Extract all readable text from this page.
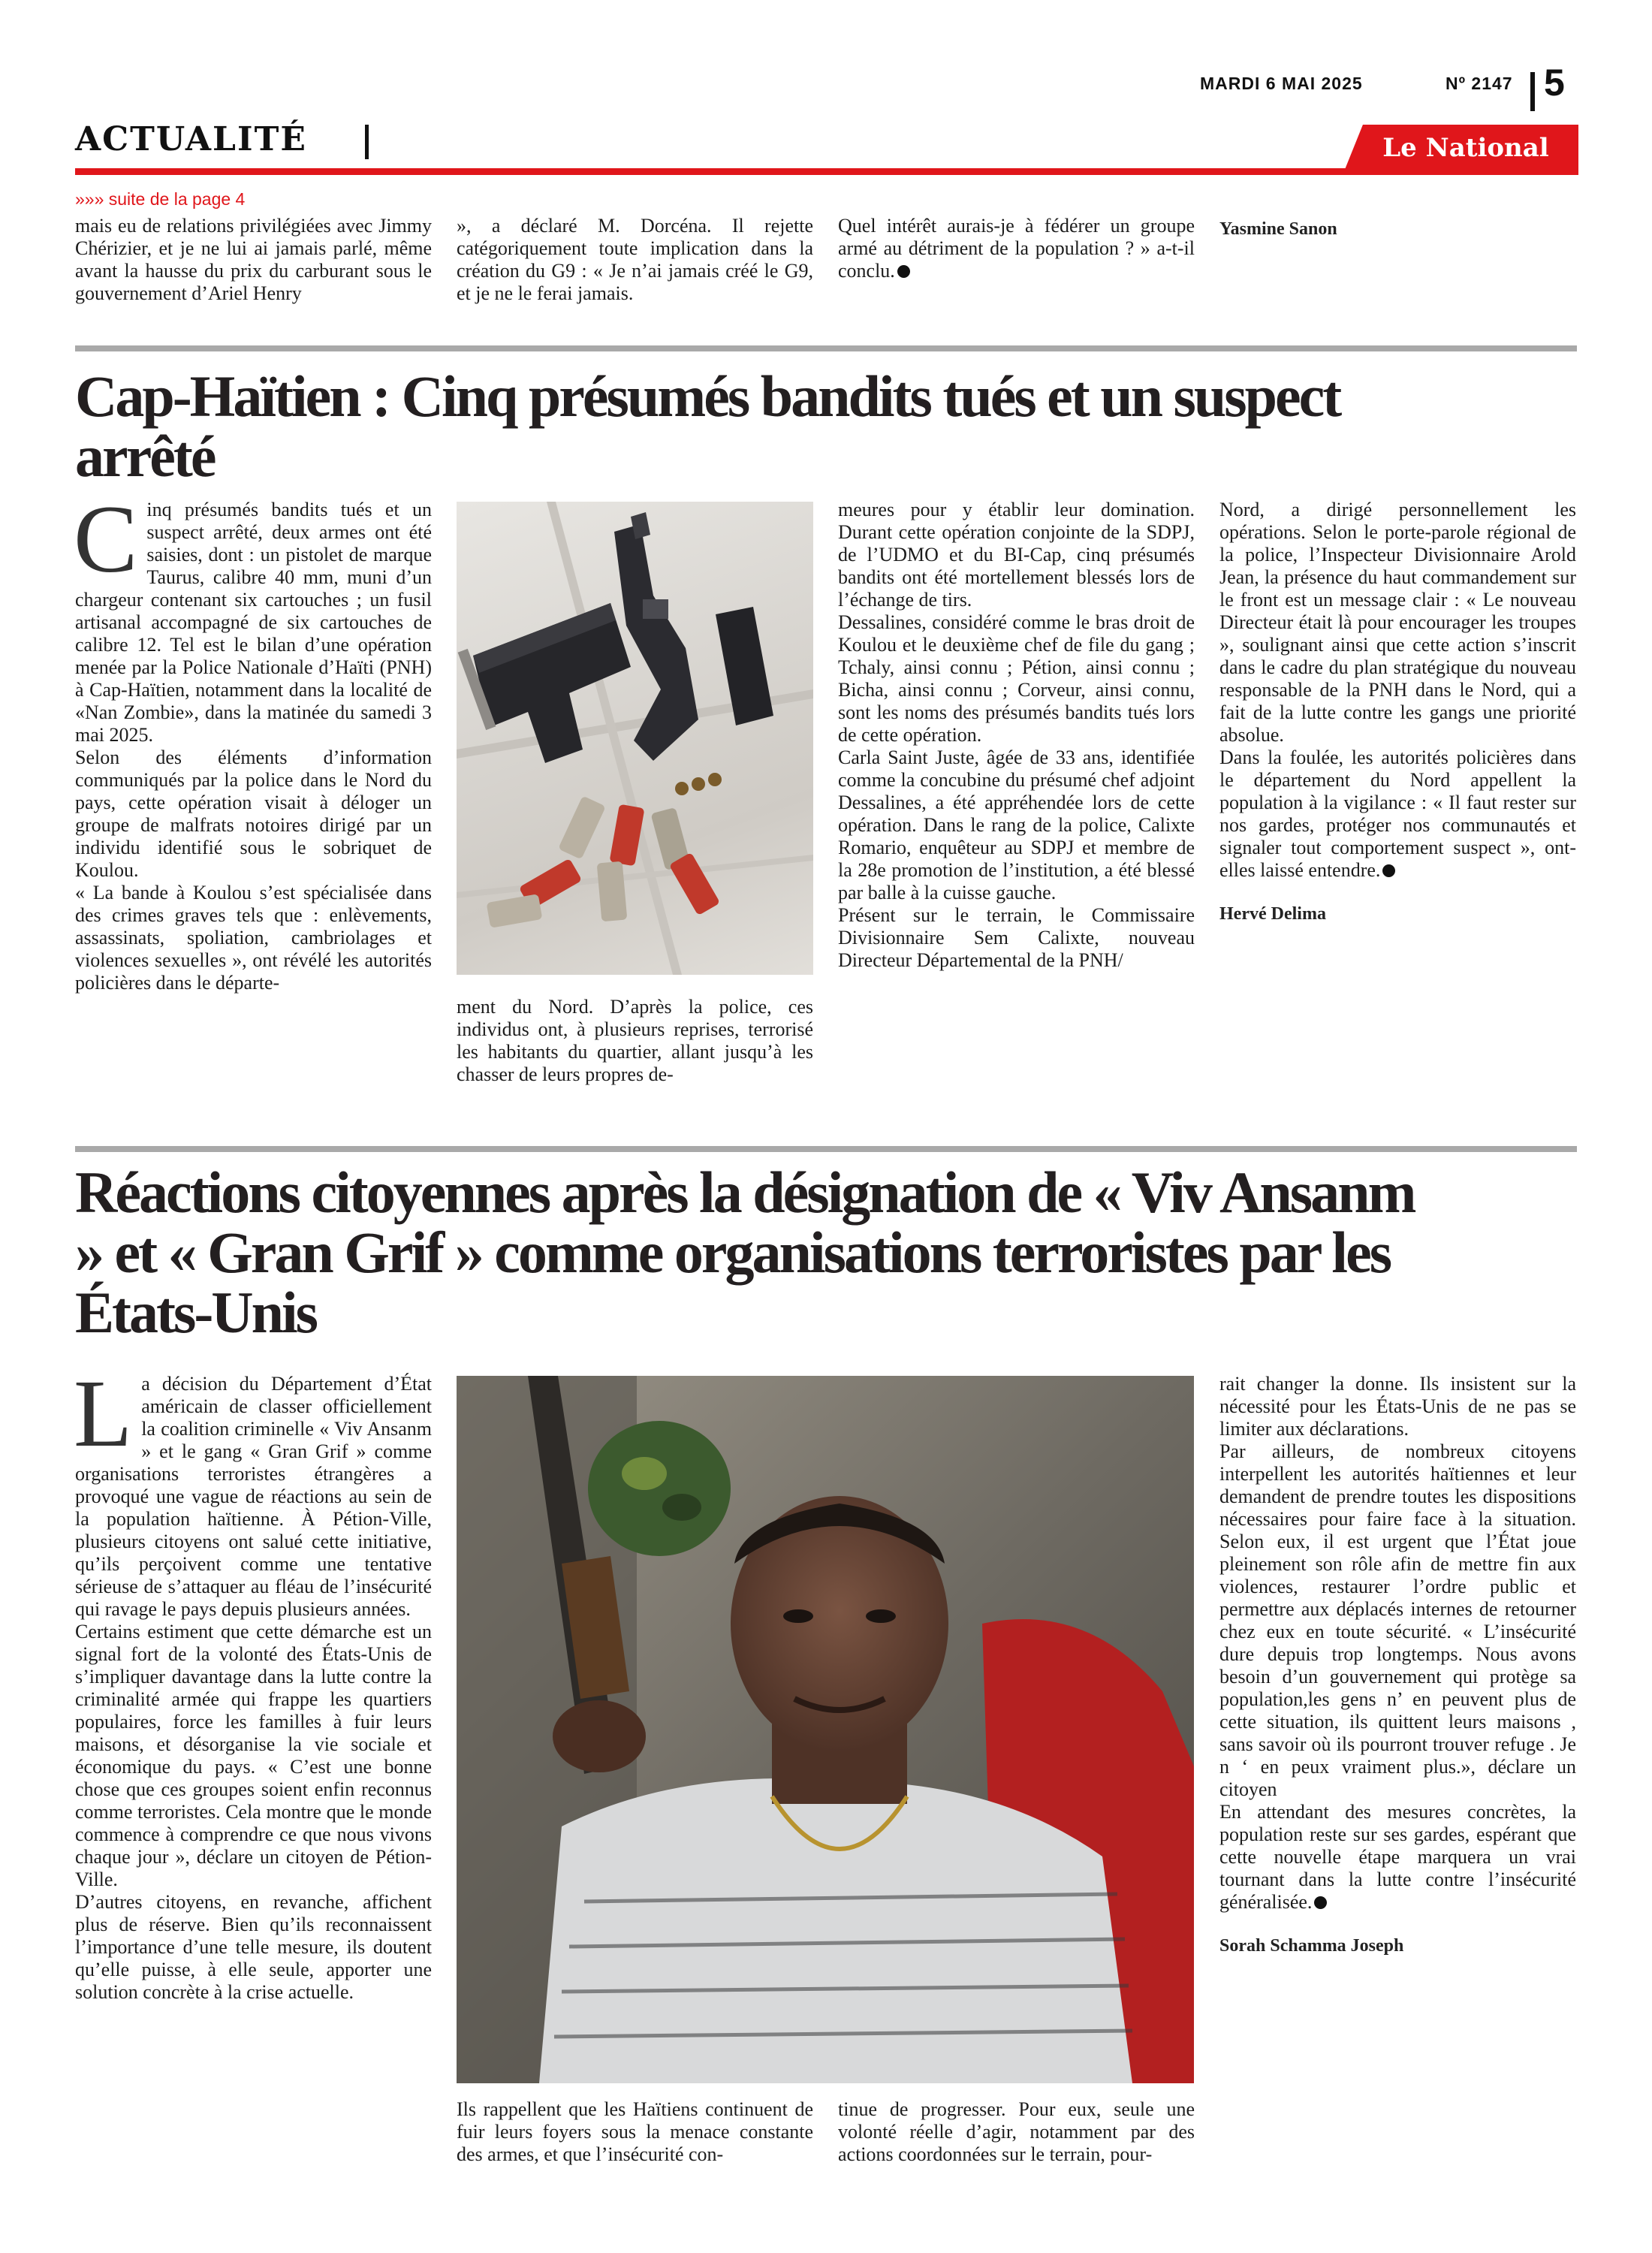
MARDI 6 MAI 2025	Nº 2147 5
ACTUALITÉ	Le National
»»» suite de la page 4

mais eu de relations privilégiées avec Jimmy Chérizier, et je ne lui ai jamais parlé, même avant la hausse du prix du carburant sous le gouvernement d’Ariel Henry

», a déclaré M. Dorcéna. Il rejette catégoriquement toute implication dans la création du G9 : « Je n’ai jamais créé le G9, et je ne le ferai jamais.

Quel intérêt aurais-je à fédérer un groupe armé au détriment de la population ? » a-t-il conclu.

Yasmine Sanon
Cap-Haïtien : Cinq présumés bandits tués et un suspect
arrêté

Cinq présumés bandits tués et un suspect arrêté, deux armes ont été saisies, dont : un pistolet de marque Taurus, calibre 40 mm, muni d’un chargeur contenant six cartouches ; un fusil artisanal accompagné de six cartouches de calibre 12. Tel est le bilan d’une opération menée par la Police Nationale d’Haïti (PNH) à Cap-Haïtien, notamment dans la localité de «Nan Zombie», dans la matinée du samedi 3 mai 2025.

Selon des éléments d’information communiqués par la police dans le Nord du pays, cette opération visait à déloger un groupe de malfrats notoires dirigé par un individu identifié sous le sobriquet de Koulou.

« La bande à Koulou s’est spécialisée dans des crimes graves tels que : enlèvements, assassinats, spoliation, cambriolages et violences sexuelles », ont révélé les autorités policières dans le départe-

ment du Nord. D’après la police, ces individus ont, à plusieurs reprises, terrorisé les habitants du quartier, allant jusqu’à les chasser de leurs propres de-

meures pour y établir leur domination. Durant cette opération conjointe de la SDPJ, de l’UDMO et du BI-Cap, cinq présumés bandits ont été mortellement blessés lors de l’échange de tirs.

Dessalines, considéré comme le bras droit de Koulou et le deuxième chef de file du gang ; Tchaly, ainsi connu ; Pétion, ainsi connu ; Bicha, ainsi connu ; Corveur, ainsi connu, sont les noms des présumés bandits tués lors de cette opération.

Carla Saint Juste, âgée de 33 ans, identifiée comme la concubine du présumé chef adjoint Dessalines, a été appréhendée lors de cette opération. Dans le rang de la police, Calixte Romario, enquêteur au SDPJ et membre de la 28e promotion de l’institution, a été blessé par balle à la cuisse gauche.

Présent sur le terrain, le Commissaire Divisionnaire Sem Calixte, nouveau Directeur Départemental de la PNH/

Nord, a dirigé personnellement les opérations. Selon le porte-parole régional de la police, l’Inspecteur Divisionnaire Arold Jean, la présence du haut commandement sur le front est un message clair : « Le nouveau Directeur était là pour encourager les troupes », soulignant ainsi que cette action s’inscrit dans le cadre du plan stratégique du nouveau responsable de la PNH dans le Nord, qui a fait de la lutte contre les gangs une priorité absolue.

Dans la foulée, les autorités policières dans le département du Nord appellent la population à la vigilance : « Il faut rester sur nos gardes, protéger nos communautés et signaler tout comportement suspect », ont-elles laissé entendre.

Hervé Delima
Réactions citoyennes après la désignation de « Viv Ansanm
» et « Gran Grif » comme organisations terroristes par les
États-Unis

La décision du Département d’État américain de classer officiellement la coalition criminelle « Viv Ansanm » et le gang « Gran Grif » comme organisations terroristes étrangères a provoqué une vague de réactions au sein de la population haïtienne. À Pétion-Ville, plusieurs citoyens ont salué cette initiative, qu’ils perçoivent comme une tentative sérieuse de s’attaquer au fléau de l’insécurité qui ravage le pays depuis plusieurs années.

Certains estiment que cette démarche est un signal fort de la volonté des États-Unis de s’impliquer davantage dans la lutte contre la criminalité armée qui frappe les quartiers populaires, force les familles à fuir leurs maisons, et désorganise la vie sociale et économique du pays. « C’est une bonne chose que ces groupes soient enfin reconnus comme terroristes. Cela montre que le monde commence à comprendre ce que nous vivons chaque jour », déclare un citoyen de Pétion-Ville.

D’autres citoyens, en revanche, affichent plus de réserve. Bien qu’ils reconnaissent l’importance d’une telle mesure, ils doutent qu’elle puisse, à elle seule, apporter une solution concrète à la crise actuelle.

Ils rappellent que les Haïtiens continuent de fuir leurs foyers sous la menace constante des armes, et que l’insécurité con-

tinue de progresser. Pour eux, seule une volonté réelle d’agir, notamment par des actions coordonnées sur le terrain, pour-

rait changer la donne. Ils insistent sur la nécessité pour les États-Unis de ne pas se limiter aux déclarations.

Par ailleurs, de nombreux citoyens interpellent les autorités haïtiennes et leur demandent de prendre toutes les dispositions nécessaires pour faire face à la situation. Selon eux, il est urgent que l’État joue pleinement son rôle afin de mettre fin aux violences, restaurer l’ordre public et permettre aux déplacés internes de retourner chez eux en toute sécurité. « L’insécurité dure depuis trop longtemps. Nous avons besoin d’un gouvernement qui protège sa population,les gens n’ en peuvent plus de cette situation, ils quittent leurs maisons , sans savoir où ils pourront trouver refuge . Je n ‘ en peux vraiment plus.», déclare un citoyen

En attendant des mesures concrètes, la population reste sur ses gardes, espérant que cette nouvelle étape marquera un vrai tournant dans la lutte contre l’insécurité généralisée.

Sorah Schamma Joseph
